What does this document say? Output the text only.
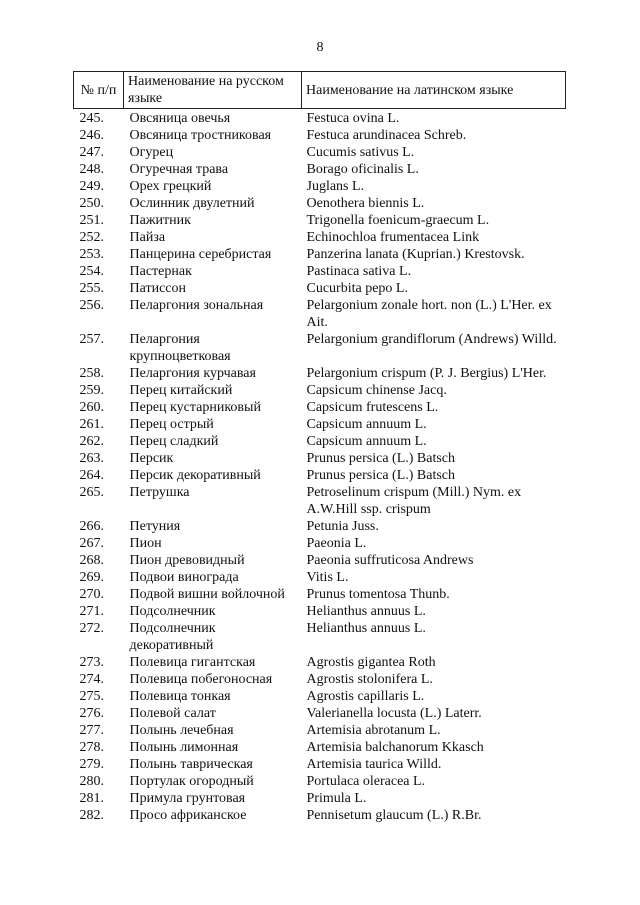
8
№ п/п	Наименование на русском языке	Наименование на латинском языке
245.	Овсяница овечья	Festuca ovina L.
246.	Овсяница тростниковая	Festuca arundinacea Schreb.
247.	Огурец	Cucumis sativus L.
248.	Огуречная трава	Borago oficinalis L.
249.	Орех грецкий	Juglans L.
250.	Ослинник двулетний	Oenothera biennis L.
251.	Пажитник	Trigonella foenicum-graecum L.
252.	Пайза	Echinochloa frumentacea Link
253.	Панцерина серебристая	Panzerina lanata (Kuprian.) Krestovsk.
254.	Пастернак	Pastinaca sativa L.
255.	Патиссон	Cucurbita pepo L.
256.	Пеларгония зональная	Pelargonium zonale hort. non (L.) L'Her. ex Ait.
257.	Пеларгония крупноцветковая	Pelargonium grandiflorum (Andrews) Willd.
258.	Пеларгония курчавая	Pelargonium crispum (P. J. Bergius) L'Her.
259.	Перец китайский	Capsicum chinense Jacq.
260.	Перец кустарниковый	Capsicum frutescens L.
261.	Перец острый	Capsicum annuum L.
262.	Перец сладкий	Capsicum annuum L.
263.	Персик	Prunus persica (L.) Batsch
264.	Персик декоративный	Prunus persica (L.) Batsch
265.	Петрушка	Petroselinum crispum (Mill.) Nym. ex A.W.Hill ssp. crispum
266.	Петуния	Petunia Juss.
267.	Пион	Paeonia L.
268.	Пион древовидный	Paeonia suffruticosa Andrews
269.	Подвои винограда	Vitis L.
270.	Подвой вишни войлочной	Prunus tomentosa Thunb.
271.	Подсолнечник	Helianthus annuus L.
272.	Подсолнечник декоративный	Helianthus annuus L.
273.	Полевица гигантская	Agrostis gigantea Roth
274.	Полевица побегоносная	Agrostis stolonifera L.
275.	Полевица тонкая	Agrostis capillaris L.
276.	Полевой салат	Valerianella locusta (L.) Laterr.
277.	Полынь лечебная	Artemisia abrotanum L.
278.	Полынь лимонная	Artemisia balchanorum Kkasch
279.	Полынь таврическая	Artemisia taurica Willd.
280.	Портулак огородный	Portulaca oleracea L.
281.	Примула грунтовая	Primula L.
282.	Просо африканское	Pennisetum glaucum (L.) R.Br.
